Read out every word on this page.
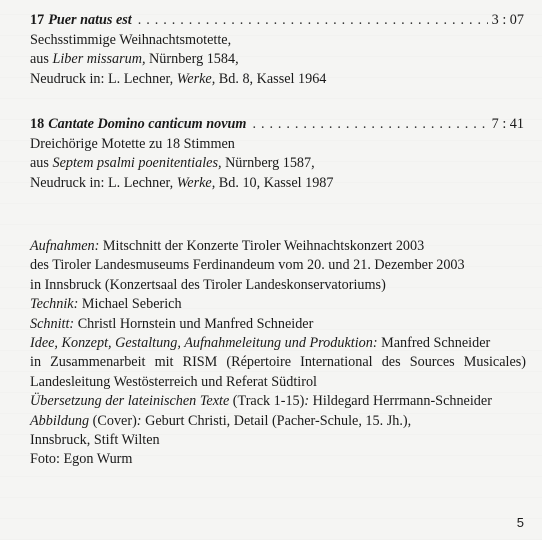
17 Puer natus est . . .	3 : 07
Sechsstimmige Weihnachtsmotette,
aus Liber missarum, Nürnberg 1584,
Neudruck in: L. Lechner, Werke, Bd. 8, Kassel 1964
18 Cantate Domino canticum novum . . .	7 : 41
Dreichörige Motette zu 18 Stimmen
aus Septem psalmi poenitentiales, Nürnberg 1587,
Neudruck in: L. Lechner, Werke, Bd. 10, Kassel 1987
Aufnahmen: Mitschnitt der Konzerte Tiroler Weihnachtskonzert 2003
des Tiroler Landesmuseums Ferdinandeum vom 20. und 21. Dezember 2003
in Innsbruck (Konzertsaal des Tiroler Landeskonservatoriums)
Technik: Michael Seberich
Schnitt: Christl Hornstein und Manfred Schneider
Idee, Konzept, Gestaltung, Aufnahmeleitung und Produktion: Manfred Schneider
in Zusammenarbeit mit RISM (Répertoire International des Sources Musicales)
Landesleitung Westösterreich und Referat Südtirol
Übersetzung der lateinischen Texte (Track 1-15): Hildegard Herrmann-Schneider
Abbildung (Cover): Geburt Christi, Detail (Pacher-Schule, 15. Jh.),
Innsbruck, Stift Wilten
Foto: Egon Wurm
5
